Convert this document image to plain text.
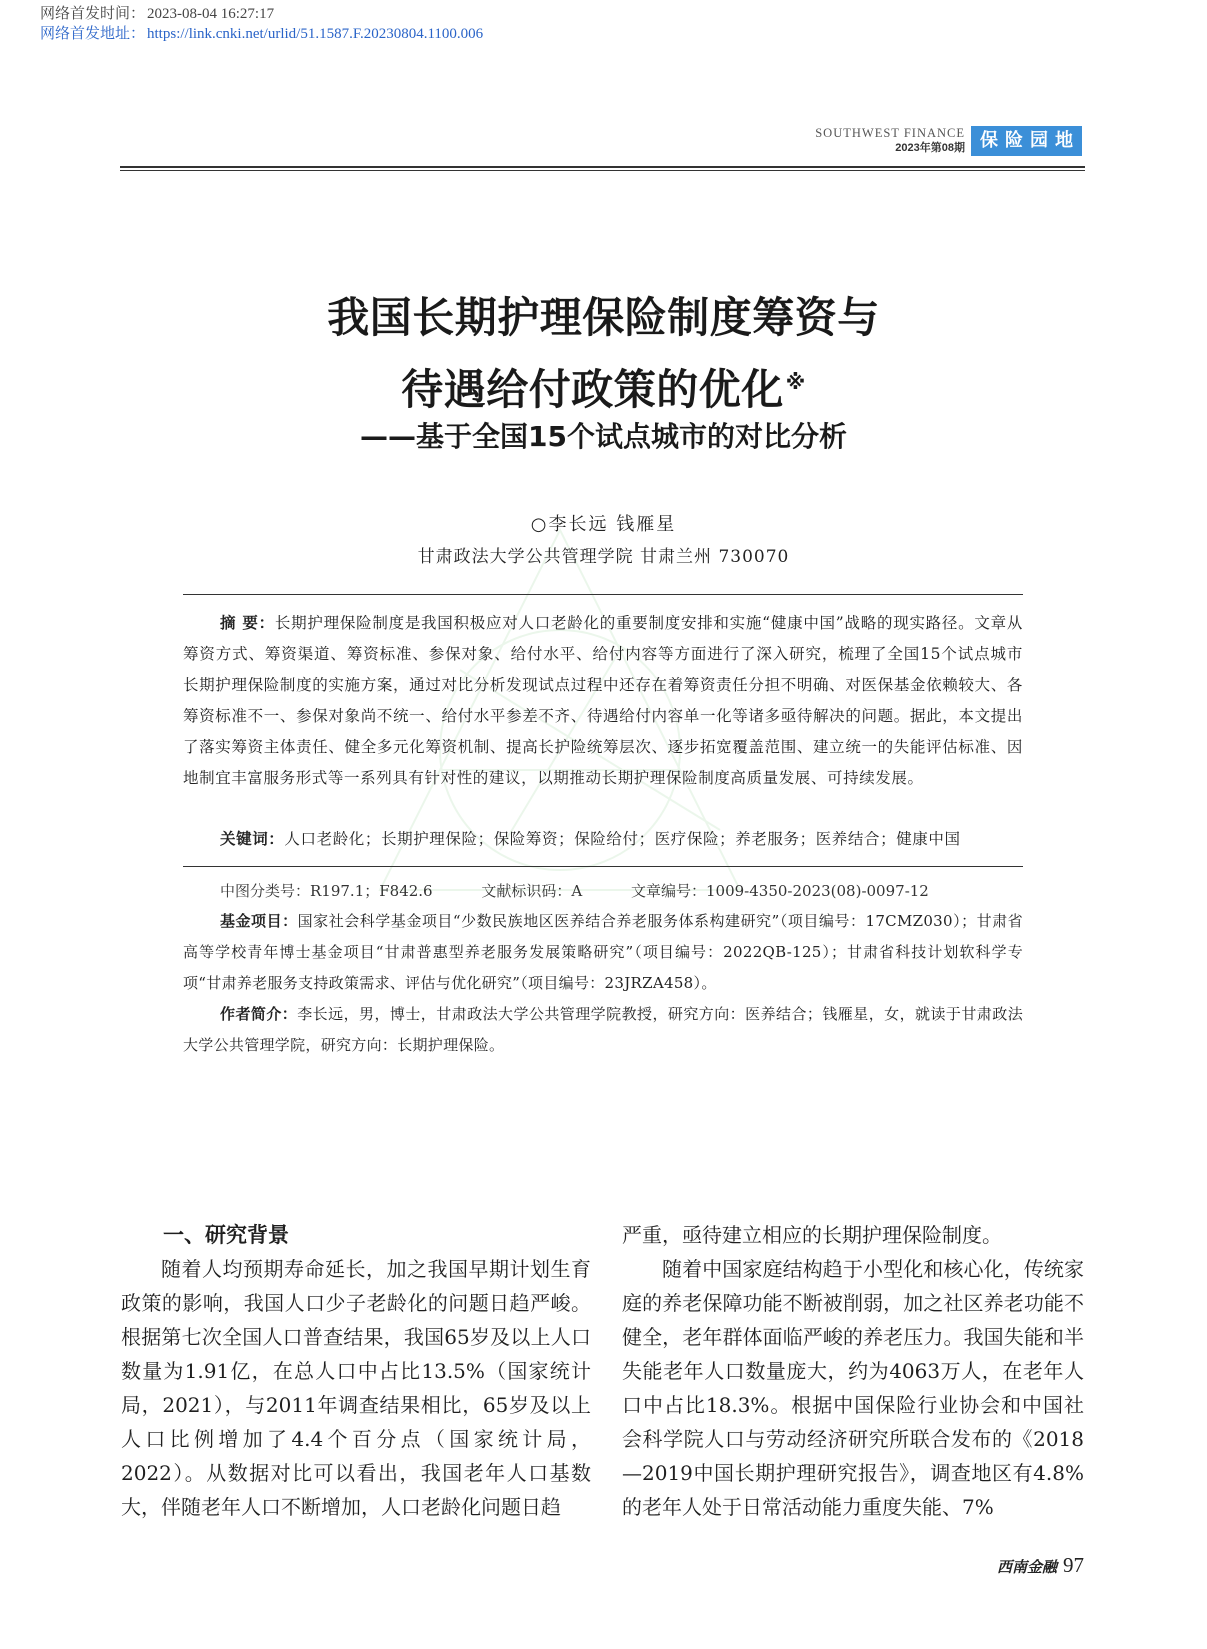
网络首发时间： 2023-08-04 16:27:17
网络首发地址： https://link.cnki.net/urlid/51.1587.F.20230804.1100.006
SOUTHWEST FINANCE
2023年第08期 保险园地
我国长期护理保险制度筹资与
待遇给付政策的优化 ※
——基于全国15个试点城市的对比分析
○李长远 钱雁星
甘肃政法大学公共管理学院 甘肃兰州 730070

摘 要：长期护理保险制度是我国积极应对人口老龄化的重要制度安排和实施“健康中国”战略的现实路径。文章从筹资方式、筹资渠道、筹资标准、参保对象、给付水平、给付内容等方面进行了深入研究，梳理了全国15个试点城市长期护理保险制度的实施方案，通过对比分析发现试点过程中还存在着筹资责任分担不明确、对医保基金依赖较大、各筹资标准不一、参保对象尚不统一、给付水平参差不齐、待遇给付内容单一化等诸多亟待解决的问题。据此，本文提出了落实筹资主体责任、健全多元化筹资机制、提高长护险统筹层次、逐步拓宽覆盖范围、建立统一的失能评估标准、因地制宜丰富服务形式等一系列具有针对性的建议，以期推动长期护理保险制度高质量发展、可持续发展。

关键词：人口老龄化；长期护理保险；保险筹资；保险给付；医疗保险；养老服务；医养结合；健康中国
中图分类号：R197.1；F842.6	文献标识码：A	文章编号：1009-4350-2023(08)-0097-12
基金项目：国家社会科学基金项目“少数民族地区医养结合养老服务体系构建研究”（项目编号：17CMZ030）；甘肃省高等学校青年博士基金项目“甘肃普惠型养老服务发展策略研究”（项目编号：2022QB-125）；甘肃省科技计划软科学专项“甘肃养老服务支持政策需求、评估与优化研究”（项目编号：23JRZA458）。
作者简介：李长远，男，博士，甘肃政法大学公共管理学院教授，研究方向：医养结合；钱雁星，女，就读于甘肃政法大学公共管理学院，研究方向：长期护理保险。

一、研究背景

随着人均预期寿命延长，加之我国早期计划生育政策的影响，我国人口少子老龄化的问题日趋严峻。根据第七次全国人口普查结果，我国65岁及以上人口数量为1.91亿，在总人口中占比13.5%（国家统计局，2021），与2011年调查结果相比，65岁及以上人口比例增加了4.4个百分点（国家统计局，2022）。从数据对比可以看出，我国老年人口基数大，伴随老年人口不断增加，人口老龄化问题日趋

严重，亟待建立相应的长期护理保险制度。

随着中国家庭结构趋于小型化和核心化，传统家庭的养老保障功能不断被削弱，加之社区养老功能不健全，老年群体面临严峻的养老压力。我国失能和半失能老年人口数量庞大，约为4063万人，在老年人口中占比18.3%。根据中国保险行业协会和中国社会科学院人口与劳动经济研究所联合发布的《2018—2019中国长期护理研究报告》，调查地区有4.8%的老年人处于日常活动能力重度失能、7%

西南金融 97
